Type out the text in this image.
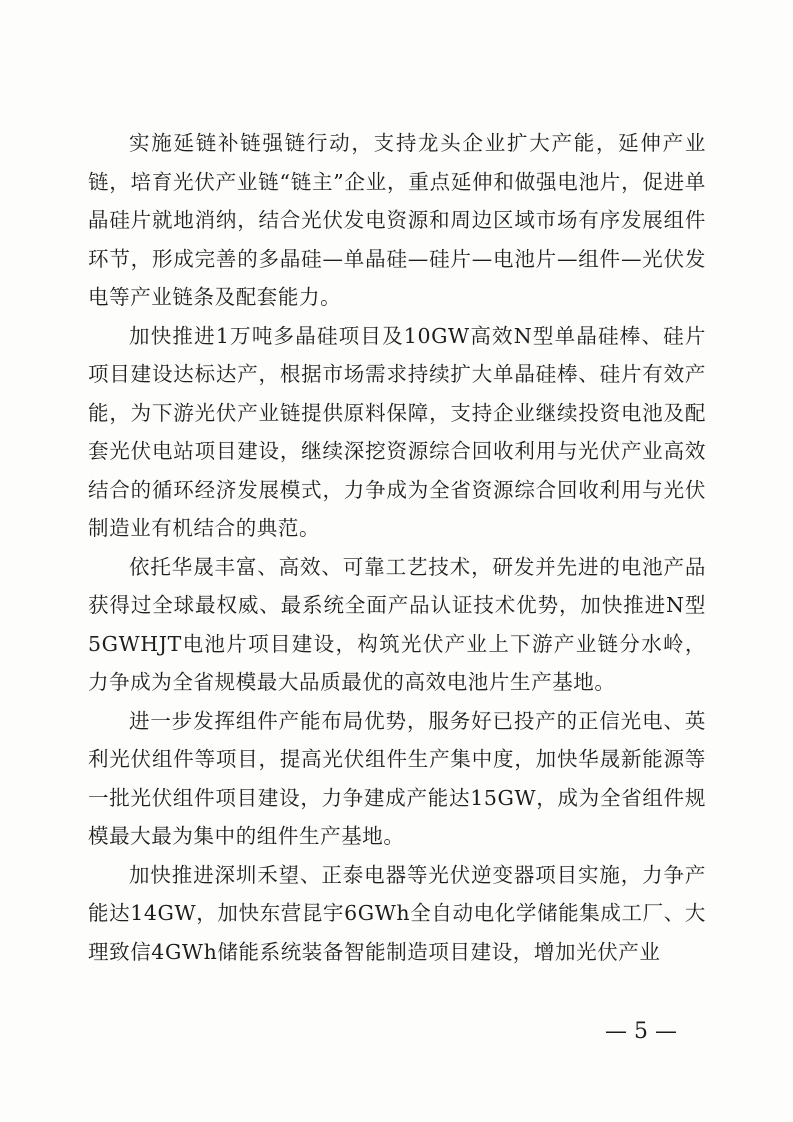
实施延链补链强链行动，支持龙头企业扩大产能，延伸产业链，培育光伏产业链“链主”企业，重点延伸和做强电池片，促进单晶硅片就地消纳，结合光伏发电资源和周边区域市场有序发展组件环节，形成完善的多晶硅—单晶硅—硅片—电池片—组件—光伏发电等产业链条及配套能力。

加快推进1万吨多晶硅项目及10GW高效N型单晶硅棒、硅片项目建设达标达产，根据市场需求持续扩大单晶硅棒、硅片有效产能，为下游光伏产业链提供原料保障，支持企业继续投资电池及配套光伏电站项目建设，继续深挖资源综合回收利用与光伏产业高效结合的循环经济发展模式，力争成为全省资源综合回收利用与光伏制造业有机结合的典范。

依托华晟丰富、高效、可靠工艺技术，研发并先进的电池产品获得过全球最权威、最系统全面产品认证技术优势，加快推进N型5GWHJT电池片项目建设，构筑光伏产业上下游产业链分水岭，力争成为全省规模最大品质最优的高效电池片生产基地。

进一步发挥组件产能布局优势，服务好已投产的正信光电、英利光伏组件等项目，提高光伏组件生产集中度，加快华晟新能源等一批光伏组件项目建设，力争建成产能达15GW，成为全省组件规模最大最为集中的组件生产基地。

加快推进深圳禾望、正泰电器等光伏逆变器项目实施，力争产能达14GW，加快东营昆宇6GWh全自动电化学储能集成工厂、大理致信4GWh储能系统装备智能制造项目建设，增加光伏产业

— 5 —
